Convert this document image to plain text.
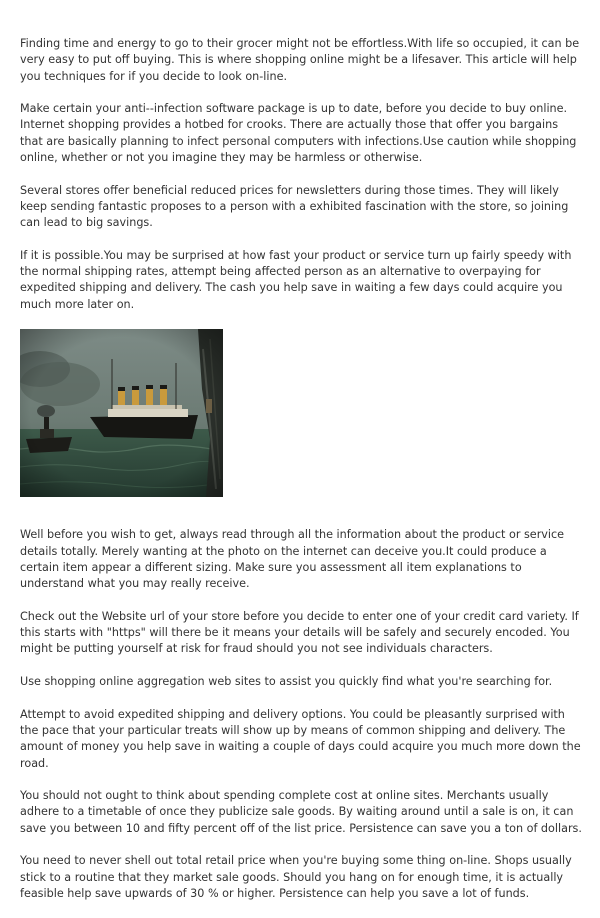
Finding time and energy to go to their grocer might not be effortless.With life so occupied, it can be very easy to put off buying. This is where shopping online might be a lifesaver. This article will help you techniques for if you decide to look on-line.

Make certain your anti--infection software package is up to date, before you decide to buy online. Internet shopping provides a hotbed for crooks. There are actually those that offer you bargains that are basically planning to infect personal computers with infections.Use caution while shopping online, whether or not you imagine they may be harmless or otherwise.

Several stores offer beneficial reduced prices for newsletters during those times. They will likely keep sending fantastic proposes to a person with a exhibited fascination with the store, so joining can lead to big savings.

If it is possible.You may be surprised at how fast your product or service turn up fairly speedy with the normal shipping rates, attempt being affected person as an alternative to overpaying for expedited shipping and delivery. The cash you help save in waiting a few days could acquire you much more later on.

Well before you wish to get, always read through all the information about the product or service details totally. Merely wanting at the photo on the internet can deceive you.It could produce a certain item appear a different sizing. Make sure you assessment all item explanations to understand what you may really receive.

Check out the Website url of your store before you decide to enter one of your credit card variety. If this starts with "https" will there be it means your details will be safely and securely encoded. You might be putting yourself at risk for fraud should you not see individuals characters.

Use shopping online aggregation web sites to assist you quickly find what you're searching for.

Attempt to avoid expedited shipping and delivery options. You could be pleasantly surprised with the pace that your particular treats will show up by means of common shipping and delivery. The amount of money you help save in waiting a couple of days could acquire you much more down the road.

You should not ought to think about spending complete cost at online sites. Merchants usually adhere to a timetable of once they publicize sale goods. By waiting around until a sale is on, it can save you between 10 and fifty percent off of the list price. Persistence can save you a ton of dollars.

You need to never shell out total retail price when you're buying some thing on-line. Shops usually stick to a routine that they market sale goods. Should you hang on for enough time, it is actually feasible help save upwards of 30 % or higher. Persistence can help you save a lot of funds.
